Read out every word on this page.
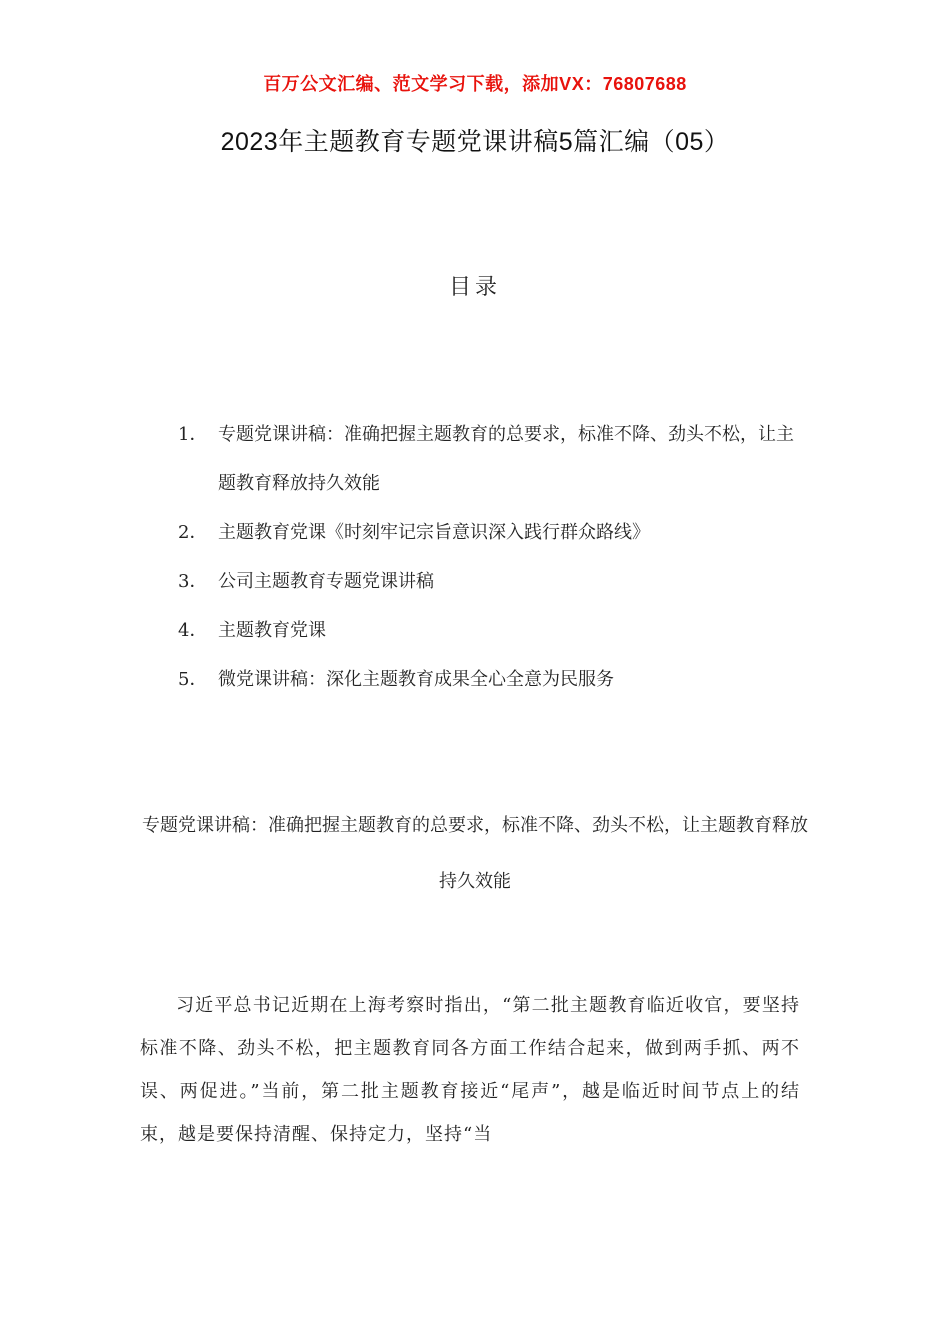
百万公文汇编、范文学习下载，添加VX：76807688
2023年主题教育专题党课讲稿5篇汇编（05）
目录
1． 专题党课讲稿：准确把握主题教育的总要求，标准不降、劲头不松，让主题教育释放持久效能
2． 主题教育党课《时刻牢记宗旨意识深入践行群众路线》
3． 公司主题教育专题党课讲稿
4． 主题教育党课
5． 微党课讲稿：深化主题教育成果全心全意为民服务
专题党课讲稿：准确把握主题教育的总要求，标准不降、劲头不松，让主题教育释放持久效能
习近平总书记近期在上海考察时指出，“第二批主题教育临近收官，要坚持标准不降、劲头不松，把主题教育同各方面工作结合起来，做到两手抓、两不误、两促进。”当前，第二批主题教育接近“尾声”，越是临近时间节点上的结束，越是要保持清醒、保持定力，坚持“当
